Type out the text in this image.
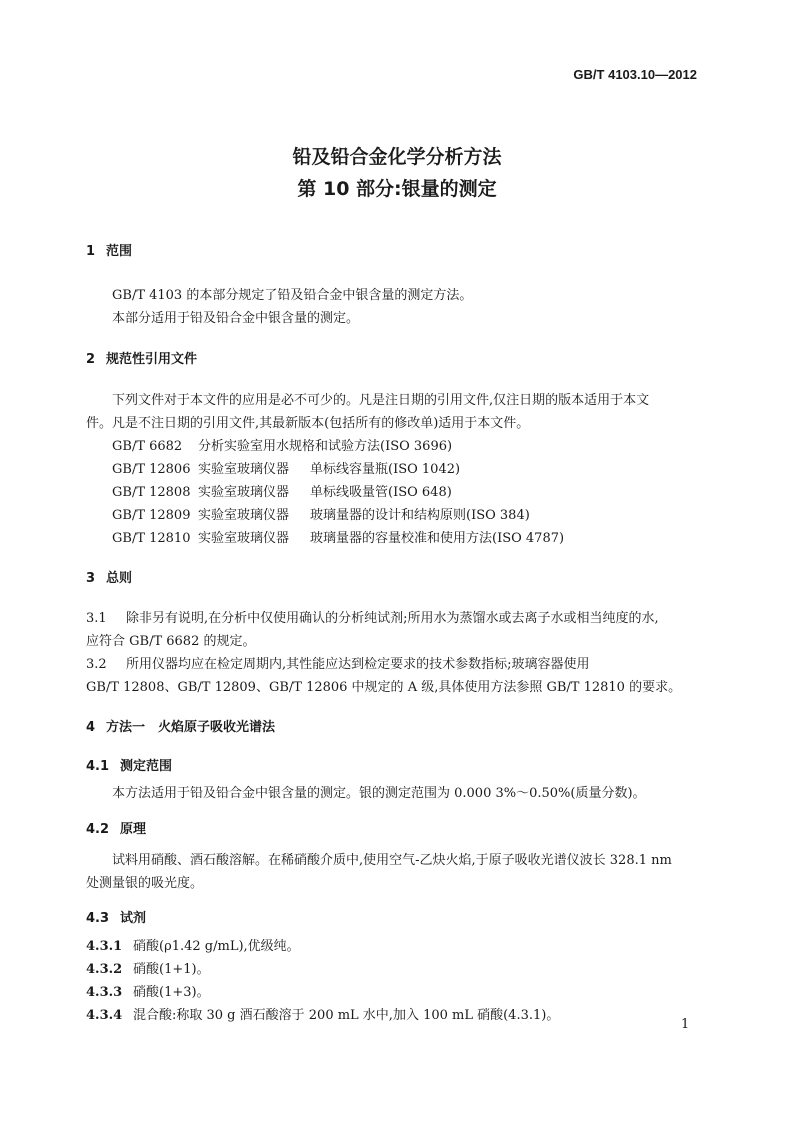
GB/T 4103.10—2012
铅及铅合金化学分析方法
第 10 部分:银量的测定
1 范围
GB/T 4103 的本部分规定了铅及铅合金中银含量的测定方法。
本部分适用于铅及铅合金中银含量的测定。
2 规范性引用文件
下列文件对于本文件的应用是必不可少的。凡是注日期的引用文件,仅注日期的版本适用于本文
件。凡是不注日期的引用文件,其最新版本(包括所有的修改单)适用于本文件。
GB/T 6682 分析实验室用水规格和试验方法(ISO 3696)
GB/T 12806 实验室玻璃仪器 单标线容量瓶(ISO 1042)
GB/T 12808 实验室玻璃仪器 单标线吸量管(ISO 648)
GB/T 12809 实验室玻璃仪器 玻璃量器的设计和结构原则(ISO 384)
GB/T 12810 实验室玻璃仪器 玻璃量器的容量校准和使用方法(ISO 4787)
3 总则
3.1 除非另有说明,在分析中仅使用确认的分析纯试剂;所用水为蒸馏水或去离子水或相当纯度的水,
应符合 GB/T 6682 的规定。
3.2 所用仪器均应在检定周期内,其性能应达到检定要求的技术参数指标;玻璃容器使用
GB/T 12808、GB/T 12809、GB/T 12806 中规定的 A 级,具体使用方法参照 GB/T 12810 的要求。
4 方法一　火焰原子吸收光谱法
4.1 测定范围
本方法适用于铅及铅合金中银含量的测定。银的测定范围为 0.000 3%～0.50%(质量分数)。
4.2 原理
试料用硝酸、酒石酸溶解。在稀硝酸介质中,使用空气-乙炔火焰,于原子吸收光谱仪波长 328.1 nm
处测量银的吸光度。
4.3 试剂
4.3.1 硝酸(ρ1.42 g/mL),优级纯。
4.3.2 硝酸(1+1)。
4.3.3 硝酸(1+3)。
4.3.4 混合酸:称取 30 g 酒石酸溶于 200 mL 水中,加入 100 mL 硝酸(4.3.1)。
1
